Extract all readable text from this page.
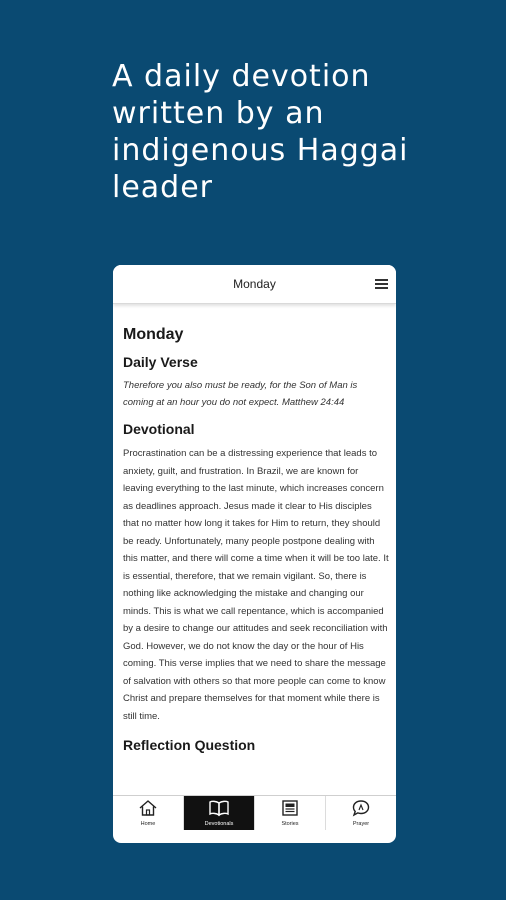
A daily devotion written by an indigenous Haggai leader
Monday
Monday
Daily Verse

Therefore you also must be ready, for the Son of Man is coming at an hour you do not expect. Matthew 24:44

Devotional

Procrastination can be a distressing experience that leads to anxiety, guilt, and frustration. In Brazil, we are known for leaving everything to the last minute, which increases concern as deadlines approach. Jesus made it clear to His disciples that no matter how long it takes for Him to return, they should be ready. Unfortunately, many people postpone dealing with this matter, and there will come a time when it will be too late. It is essential, therefore, that we remain vigilant. So, there is nothing like acknowledging the mistake and changing our minds. This is what we call repentance, which is accompanied by a desire to change our attitudes and seek reconciliation with God. However, we do not know the day or the hour of His coming. This verse implies that we need to share the message of salvation with others so that more people can come to know Christ and prepare themselves for that moment while there is still time.

Reflection Question
Home	Devotionals	Stories	Prayer
